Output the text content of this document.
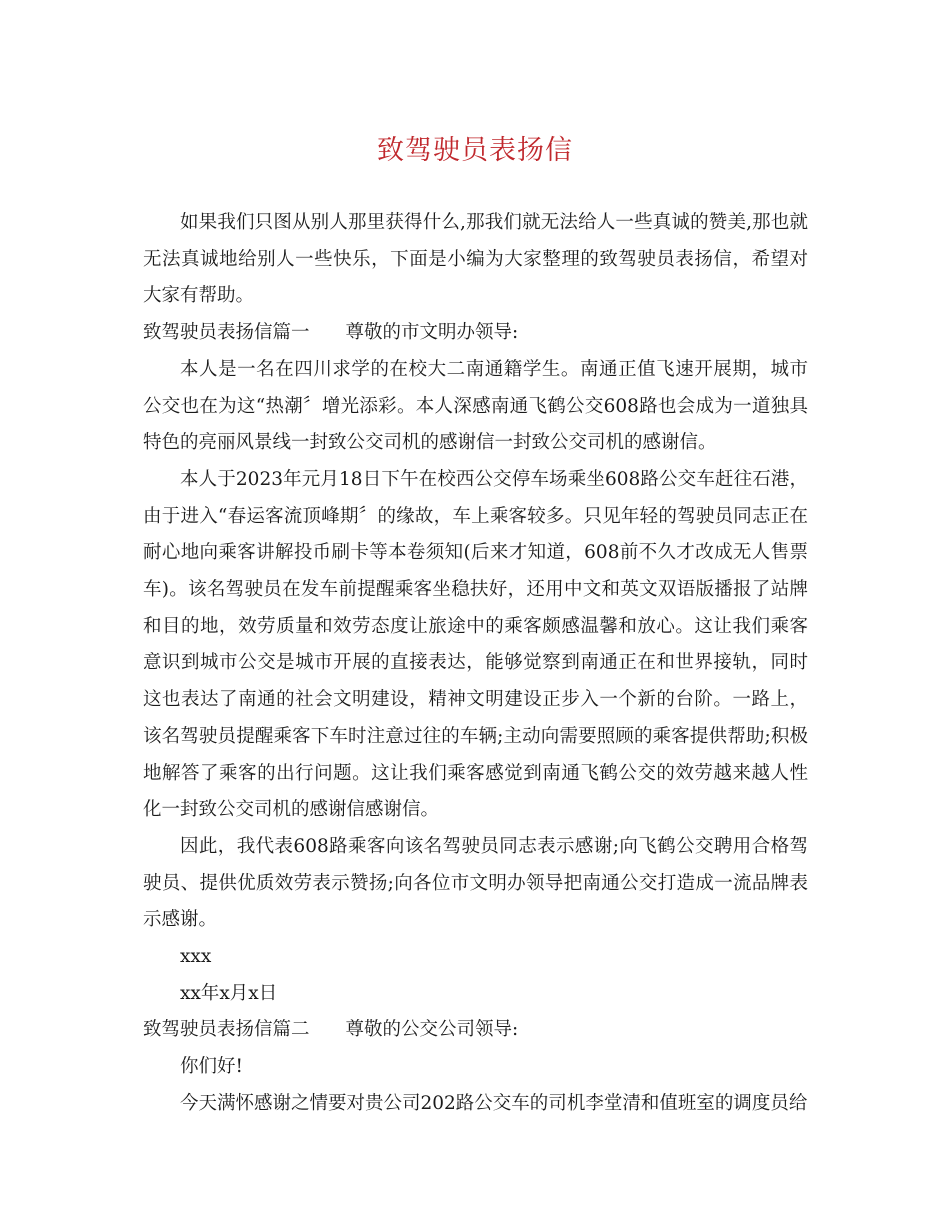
致驾驶员表扬信

如果我们只图从别人那里获得什么,那我们就无法给人一些真诚的赞美,那也就无法真诚地给别人一些快乐，下面是小编为大家整理的致驾驶员表扬信，希望对大家有帮助。

致驾驶员表扬信篇一 尊敬的市文明办领导:

本人是一名在四川求学的在校大二南通籍学生。南通正值飞速开展期，城市公交也在为这“热潮〞增光添彩。本人深感南通飞鹤公交608路也会成为一道独具特色的亮丽风景线一封致公交司机的感谢信一封致公交司机的感谢信。

本人于2023年元月18日下午在校西公交停车场乘坐608路公交车赶往石港，由于进入“春运客流顶峰期〞的缘故，车上乘客较多。只见年轻的驾驶员同志正在耐心地向乘客讲解投币刷卡等本卷须知(后来才知道，608前不久才改成无人售票车)。该名驾驶员在发车前提醒乘客坐稳扶好，还用中文和英文双语版播报了站牌和目的地，效劳质量和效劳态度让旅途中的乘客颇感温馨和放心。这让我们乘客意识到城市公交是城市开展的直接表达，能够觉察到南通正在和世界接轨，同时这也表达了南通的社会文明建设，精神文明建设正步入一个新的台阶。一路上，该名驾驶员提醒乘客下车时注意过往的车辆;主动向需要照顾的乘客提供帮助;积极地解答了乘客的出行问题。这让我们乘客感觉到南通飞鹤公交的效劳越来越人性化一封致公交司机的感谢信感谢信。

因此，我代表608路乘客向该名驾驶员同志表示感谢;向飞鹤公交聘用合格驾驶员、提供优质效劳表示赞扬;向各位市文明办领导把南通公交打造成一流品牌表示感谢。

xxx

xx年x月x日

致驾驶员表扬信篇二 尊敬的公交公司领导:

你们好!

今天满怀感谢之情要对贵公司202路公交车的司机李堂清和值班室的调度员给
